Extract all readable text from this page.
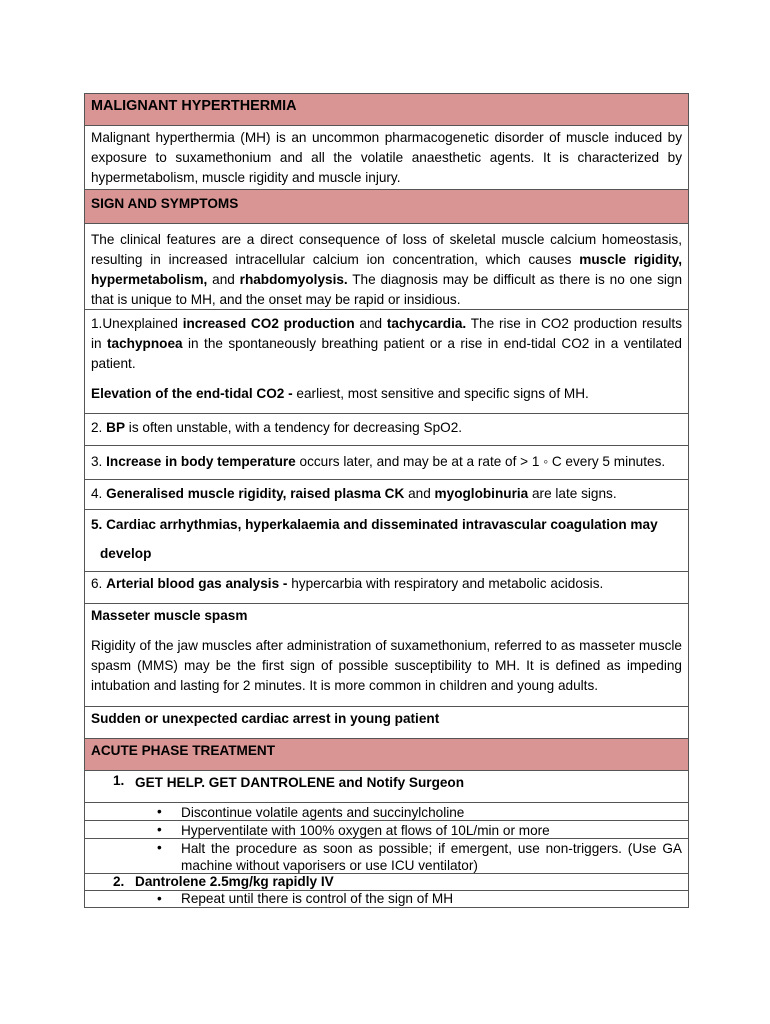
MALIGNANT HYPERTHERMIA
Malignant hyperthermia (MH) is an uncommon pharmacogenetic disorder of muscle induced by exposure to suxamethonium and all the volatile anaesthetic agents. It is characterized by hypermetabolism, muscle rigidity and muscle injury.
SIGN AND SYMPTOMS
The clinical features are a direct consequence of loss of skeletal muscle calcium homeostasis, resulting in increased intracellular calcium ion concentration, which causes muscle rigidity, hypermetabolism, and rhabdomyolysis. The diagnosis may be difficult as there is no one sign that is unique to MH, and the onset may be rapid or insidious.

1.Unexplained increased CO2 production and tachycardia. The rise in CO2 production results in tachypnoea in the spontaneously breathing patient or a rise in end-tidal CO2 in a ventilated patient.

Elevation of the end-tidal CO2 - earliest, most sensitive and specific signs of MH.

2. BP is often unstable, with a tendency for decreasing SpO2.
3. Increase in body temperature occurs later, and may be at a rate of > 1 ◦ C every 5 minutes.
4. Generalised muscle rigidity, raised plasma CK and myoglobinuria are late signs.

5. Cardiac arrhythmias, hyperkalaemia and disseminated intravascular coagulation may

develop

6. Arterial blood gas analysis - hypercarbia with respiratory and metabolic acidosis.

Masseter muscle spasm

Rigidity of the jaw muscles after administration of suxamethonium, referred to as masseter muscle spasm (MMS) may be the first sign of possible susceptibility to MH. It is defined as impeding intubation and lasting for 2 minutes. It is more common in children and young adults.

Sudden or unexpected cardiac arrest in young patient
ACUTE PHASE TREATMENT
1. GET HELP. GET DANTROLENE and Notify Surgeon
• Discontinue volatile agents and succinylcholine
• Hyperventilate with 100% oxygen at flows of 10L/min or more
• Halt the procedure as soon as possible; if emergent, use non-triggers. (Use GA machine without vaporisers or use ICU ventilator)
2. Dantrolene 2.5mg/kg rapidly IV
• Repeat until there is control of the sign of MH
